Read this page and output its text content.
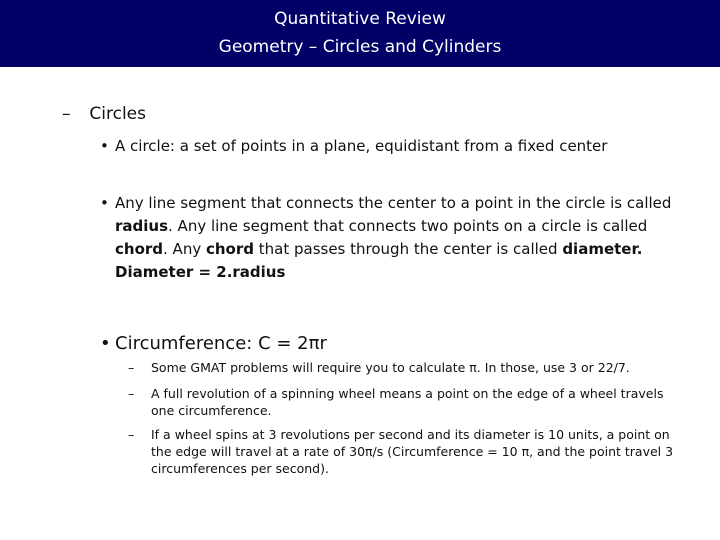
Quantitative Review
Geometry – Circles and Cylinders
– Circles
• A circle: a set of points in a plane, equidistant from a fixed center
• Any line segment that connects the center to a point in the circle is called radius. Any line segment that connects two points on a circle is called chord. Any chord that passes through the center is called diameter. Diameter = 2.radius
• Circumference: C = 2πr
– Some GMAT problems will require you to calculate π. In those, use 3 or 22/7.
– A full revolution of a spinning wheel means a point on the edge of a wheel travels one circumference.
– If a wheel spins at 3 revolutions per second and its diameter is 10 units, a point on the edge will travel at a rate of 30π/s (Circumference = 10 π, and the point travel 3 circumferences per second).
